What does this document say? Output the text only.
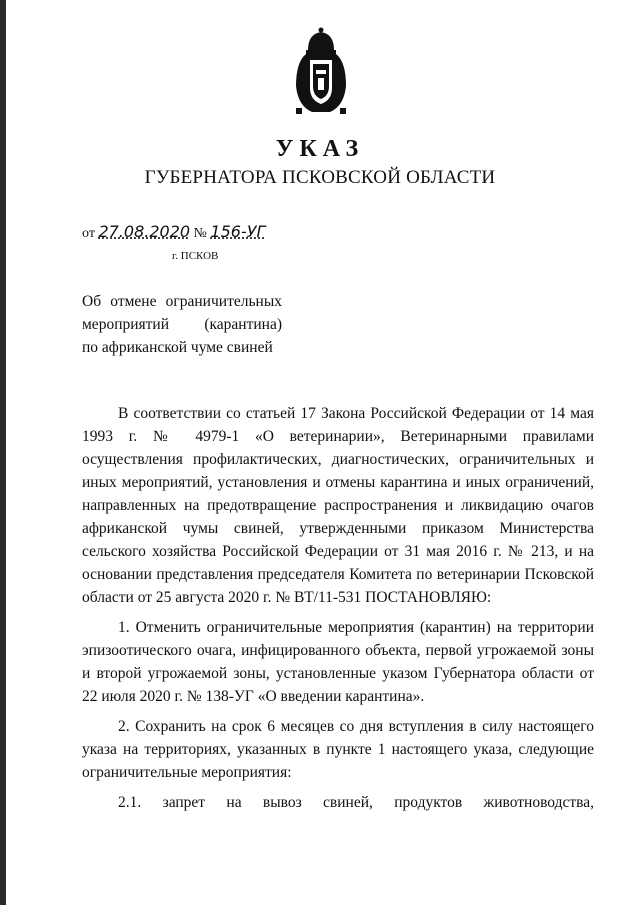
УКАЗ
ГУБЕРНАТОРА ПСКОВСКОЙ ОБЛАСТИ
от 27.08.2020 № 156-УГ
г. ПСКОВ
Об отмене ограничительных
мероприятий (карантина)
по африканской чуме свиней

В соответствии со статьей 17 Закона Российской Федерации от 14 мая 1993 г. № 4979-1 «О ветеринарии», Ветеринарными правилами осуществления профилактических, диагностических, ограничительных и иных мероприятий, установления и отмены карантина и иных ограничений, направленных на предотвращение распространения и ликвидацию очагов африканской чумы свиней, утвержденными приказом Министерства сельского хозяйства Российской Федерации от 31 мая 2016 г. № 213, и на основании представления председателя Комитета по ветеринарии Псковской области от 25 августа 2020 г. № ВТ/11-531 ПОСТАНОВЛЯЮ:

1. Отменить ограничительные мероприятия (карантин) на территории эпизоотического очага, инфицированного объекта, первой угрожаемой зоны и второй угрожаемой зоны, установленные указом Губернатора области от 22 июля 2020 г. № 138-УГ «О введении карантина».

2. Сохранить на срок 6 месяцев со дня вступления в силу настоящего указа на территориях, указанных в пункте 1 настоящего указа, следующие ограничительные мероприятия:

2.1. запрет на вывоз свиней, продуктов животноводства,
